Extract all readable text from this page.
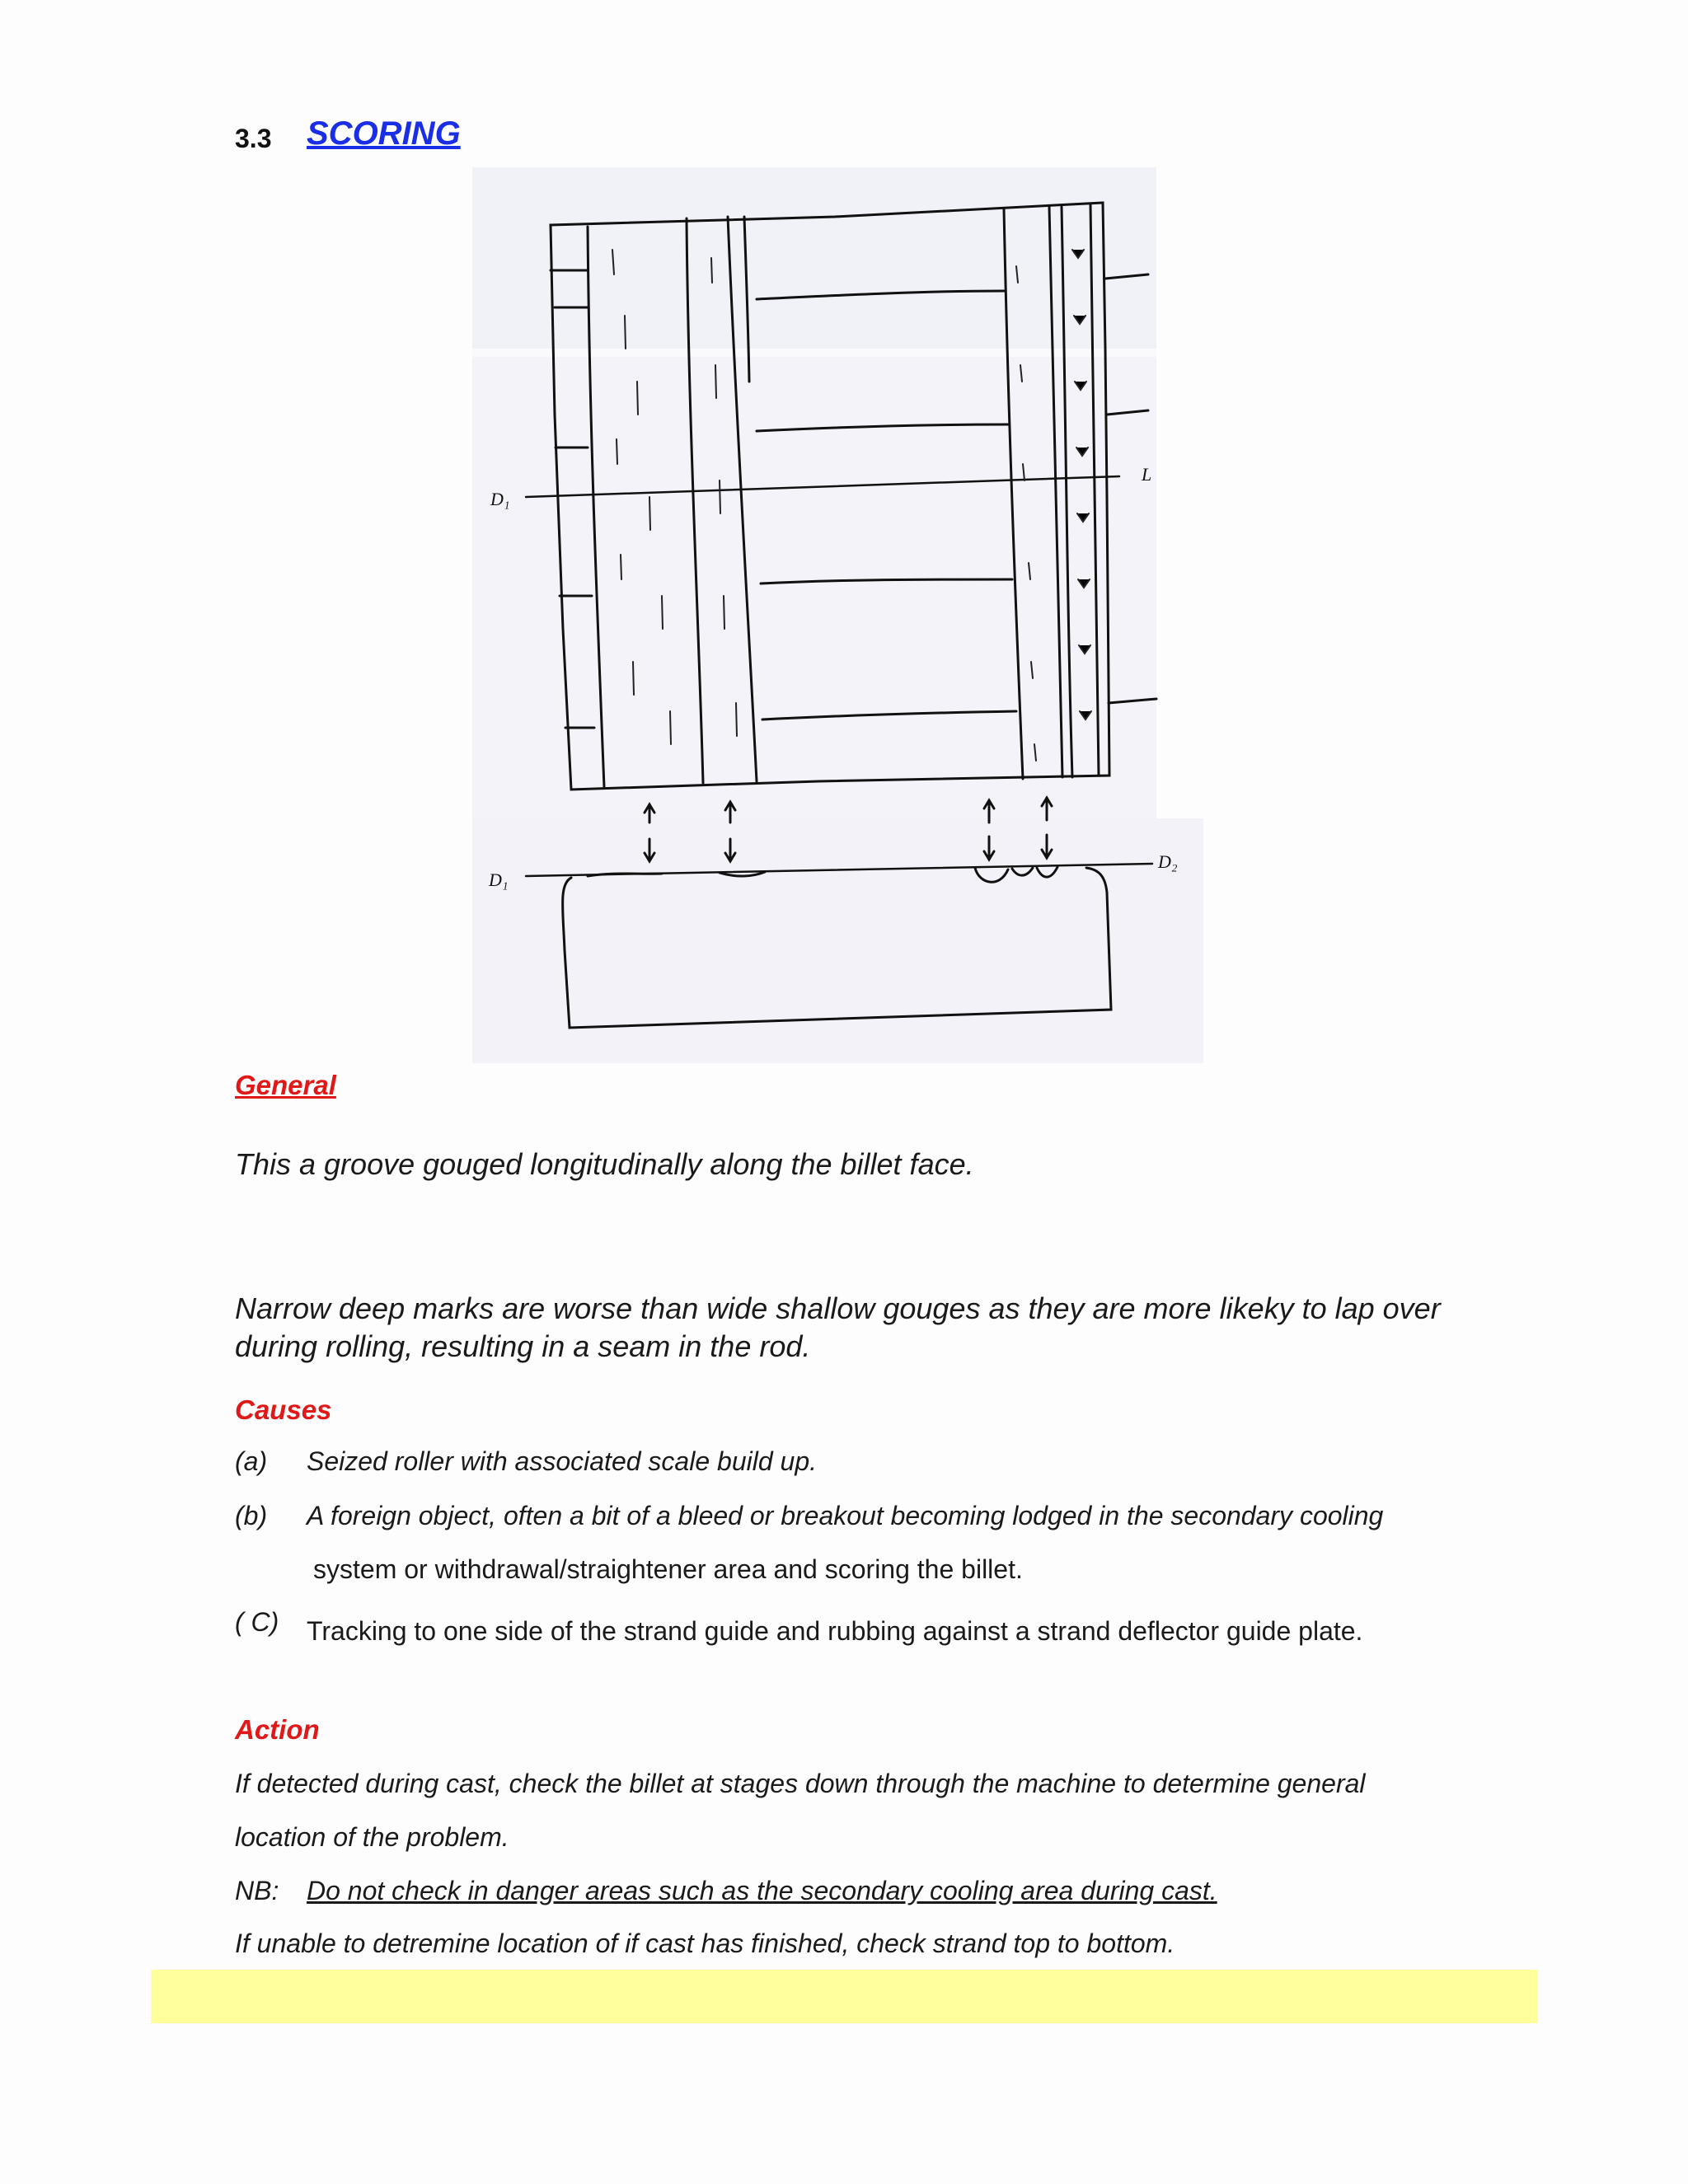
3.3 SCORING
D₁
L
D₁
D₂
General
This a groove gouged longitudinally along the billet face.
Narrow deep marks are worse than wide shallow gouges as they are more likeky to lap over
during rolling, resulting in a seam in the rod.
Causes
(a) Seized roller with associated scale build up.
(b) A foreign object, often a bit of a bleed or breakout becoming lodged in the secondary cooling
system or withdrawal/straightener area and scoring the billet.
( C) Tracking to one side of the strand guide and rubbing against a strand deflector guide plate.
Action
If detected during cast, check the billet at stages down through the machine to determine general
location of the problem.
NB: Do not check in danger areas such as the secondary cooling area during cast.
If unable to detremine location of if cast has finished, check strand top to bottom.
